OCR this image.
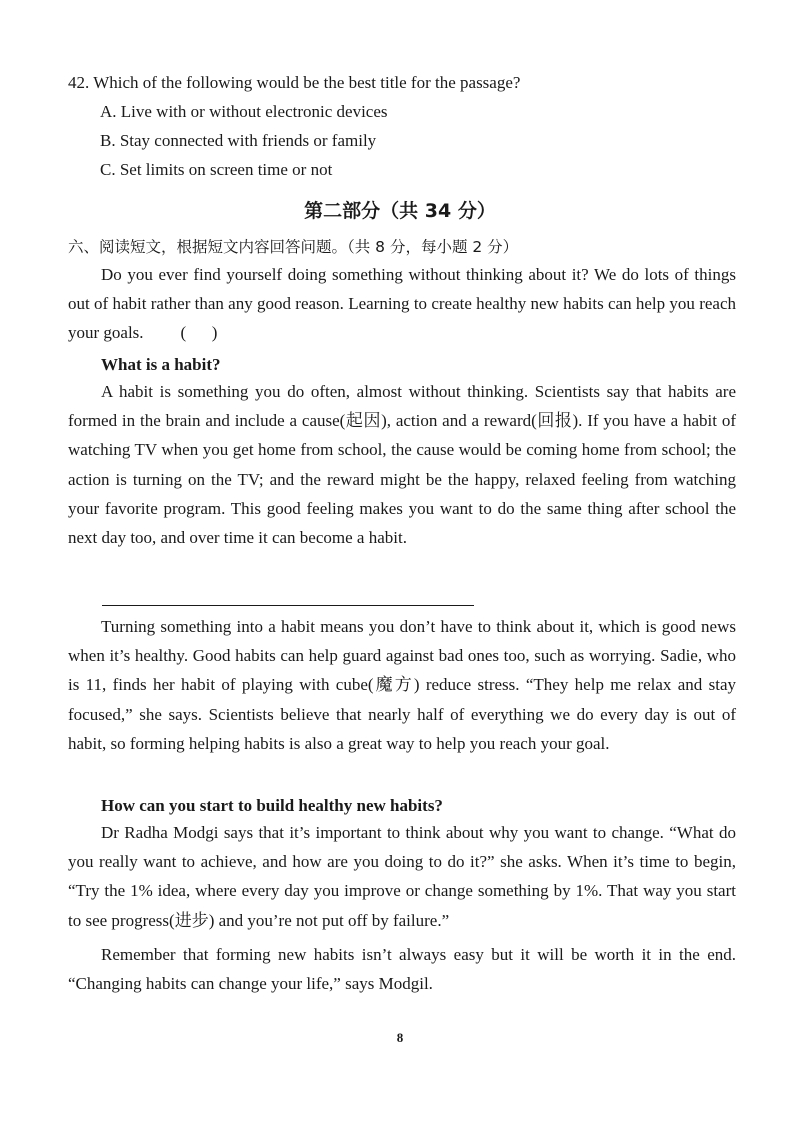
42. Which of the following would be the best title for the passage?
A. Live with or without electronic devices
B. Stay connected with friends or family
C. Set limits on screen time or not
第二部分（共 34 分）
六、阅读短文，根据短文内容回答问题。（共 8 分，每小题 2 分）

Do you ever find yourself doing something without thinking about it? We do lots of things out of habit rather than any good reason. Learning to create healthy new habits can help you reach your goals. (      )

What is a habit?

A habit is something you do often, almost without thinking. Scientists say that habits are formed in the brain and include a cause(起因), action and a reward(回报). If you have a habit of watching TV when you get home from school, the cause would be coming home from school; the action is turning on the TV; and the reward might be the happy, relaxed feeling from watching your favorite program. This good feeling makes you want to do the same thing after school the next day too, and over time it can become a habit.

Turning something into a habit means you don’t have to think about it, which is good news when it’s healthy. Good habits can help guard against bad ones too, such as worrying. Sadie, who is 11, finds her habit of playing with cube(魔方) reduce stress. “They help me relax and stay focused,” she says. Scientists believe that nearly half of everything we do every day is out of habit, so forming helping habits is also a great way to help you reach your goal.

How can you start to build healthy new habits?

Dr Radha Modgi says that it’s important to think about why you want to change. “What do you really want to achieve, and how are you doing to do it?” she asks. When it’s time to begin, “Try the 1% idea, where every day you improve or change something by 1%. That way you start to see progress(进步) and you’re not put off by failure.”

Remember that forming new habits isn’t always easy but it will be worth it in the end. “Changing habits can change your life,” says Modgil.

8
